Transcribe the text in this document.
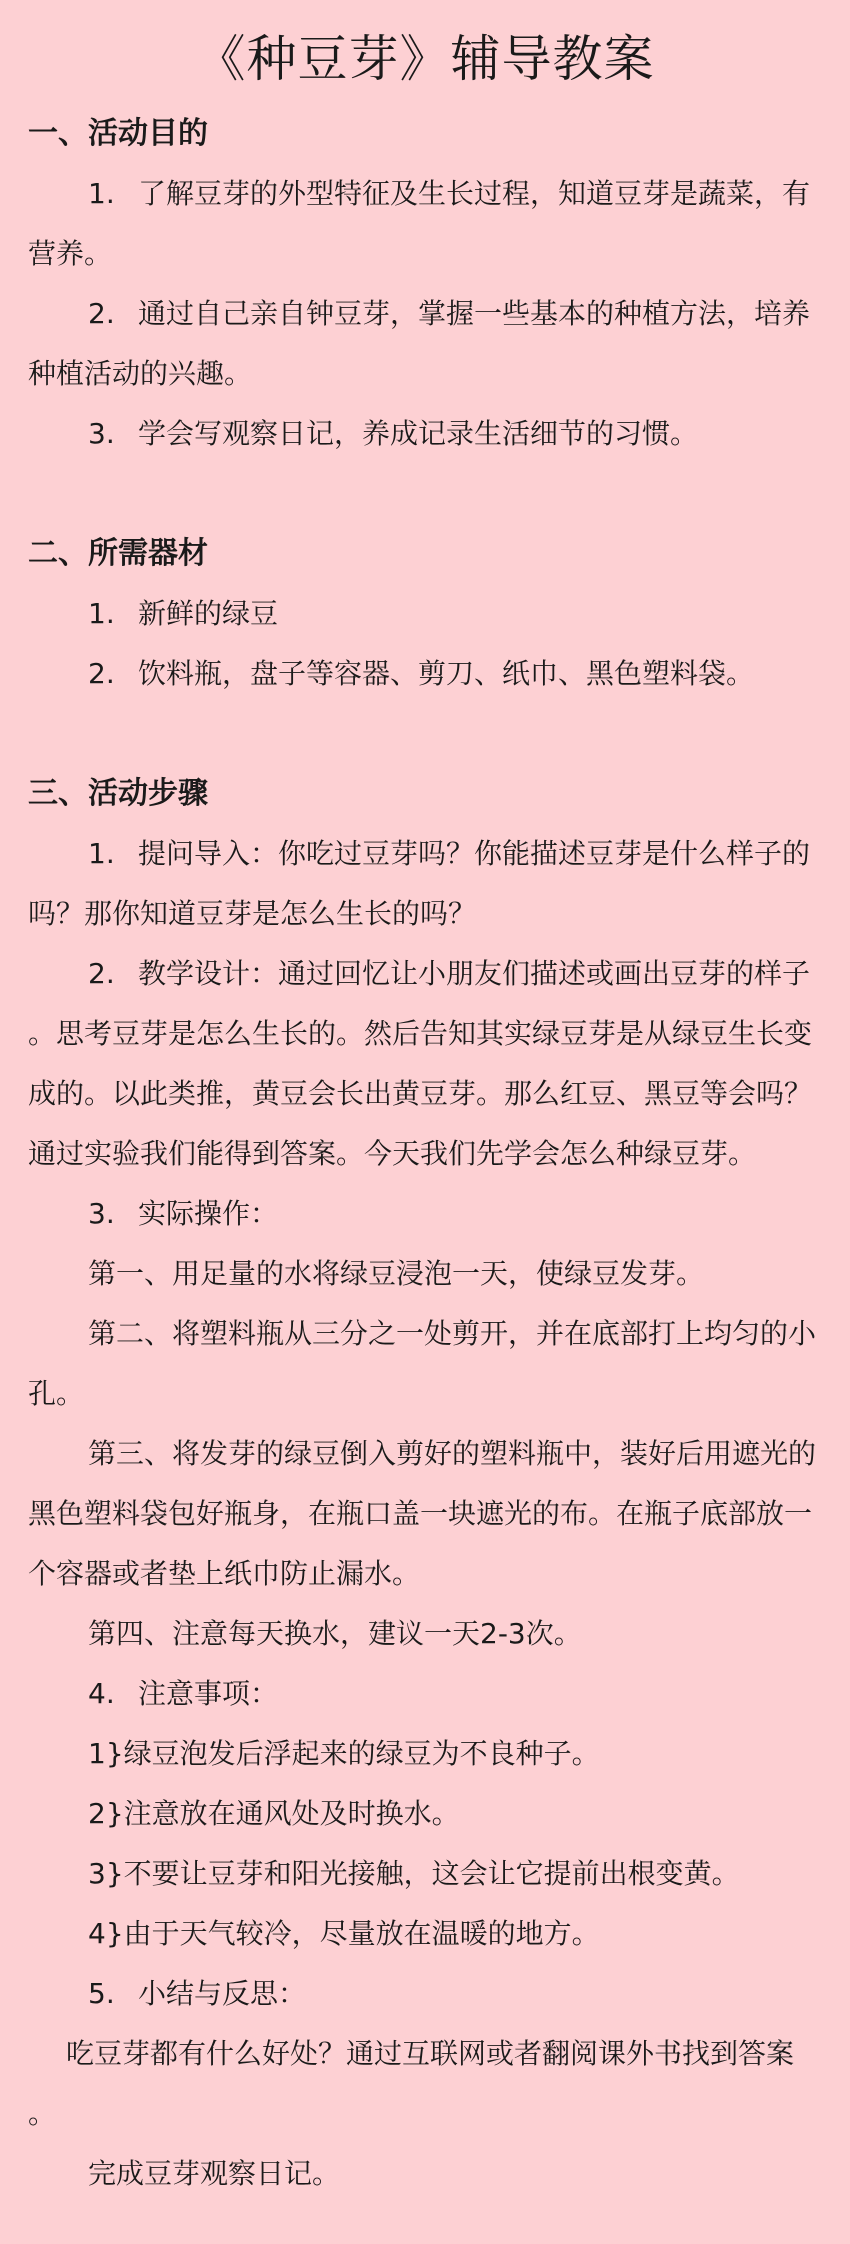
《种豆芽》辅导教案
一、活动目的
1. 了解豆芽的外型特征及生长过程，知道豆芽是蔬菜，有
营养。
2. 通过自己亲自钟豆芽，掌握一些基本的种植方法，培养
种植活动的兴趣。
3. 学会写观察日记，养成记录生活细节的习惯。
二、所需器材
1. 新鲜的绿豆
2. 饮料瓶，盘子等容器、剪刀、纸巾、黑色塑料袋。
三、活动步骤
1. 提问导入：你吃过豆芽吗？你能描述豆芽是什么样子的
吗？那你知道豆芽是怎么生长的吗？
2. 教学设计：通过回忆让小朋友们描述或画出豆芽的样子
。思考豆芽是怎么生长的。然后告知其实绿豆芽是从绿豆生长变
成的。以此类推，黄豆会长出黄豆芽。那么红豆、黑豆等会吗？
通过实验我们能得到答案。今天我们先学会怎么种绿豆芽。
3. 实际操作：
第一、用足量的水将绿豆浸泡一天，使绿豆发芽。
第二、将塑料瓶从三分之一处剪开，并在底部打上均匀的小
孔。
第三、将发芽的绿豆倒入剪好的塑料瓶中，装好后用遮光的
黑色塑料袋包好瓶身，在瓶口盖一块遮光的布。在瓶子底部放一
个容器或者垫上纸巾防止漏水。
第四、注意每天换水，建议一天2-3次。
4. 注意事项：
1}绿豆泡发后浮起来的绿豆为不良种子。
2}注意放在通风处及时换水。
3}不要让豆芽和阳光接触，这会让它提前出根变黄。
4}由于天气较冷，尽量放在温暖的地方。
5. 小结与反思：
吃豆芽都有什么好处？通过互联网或者翻阅课外书找到答案
。
完成豆芽观察日记。
